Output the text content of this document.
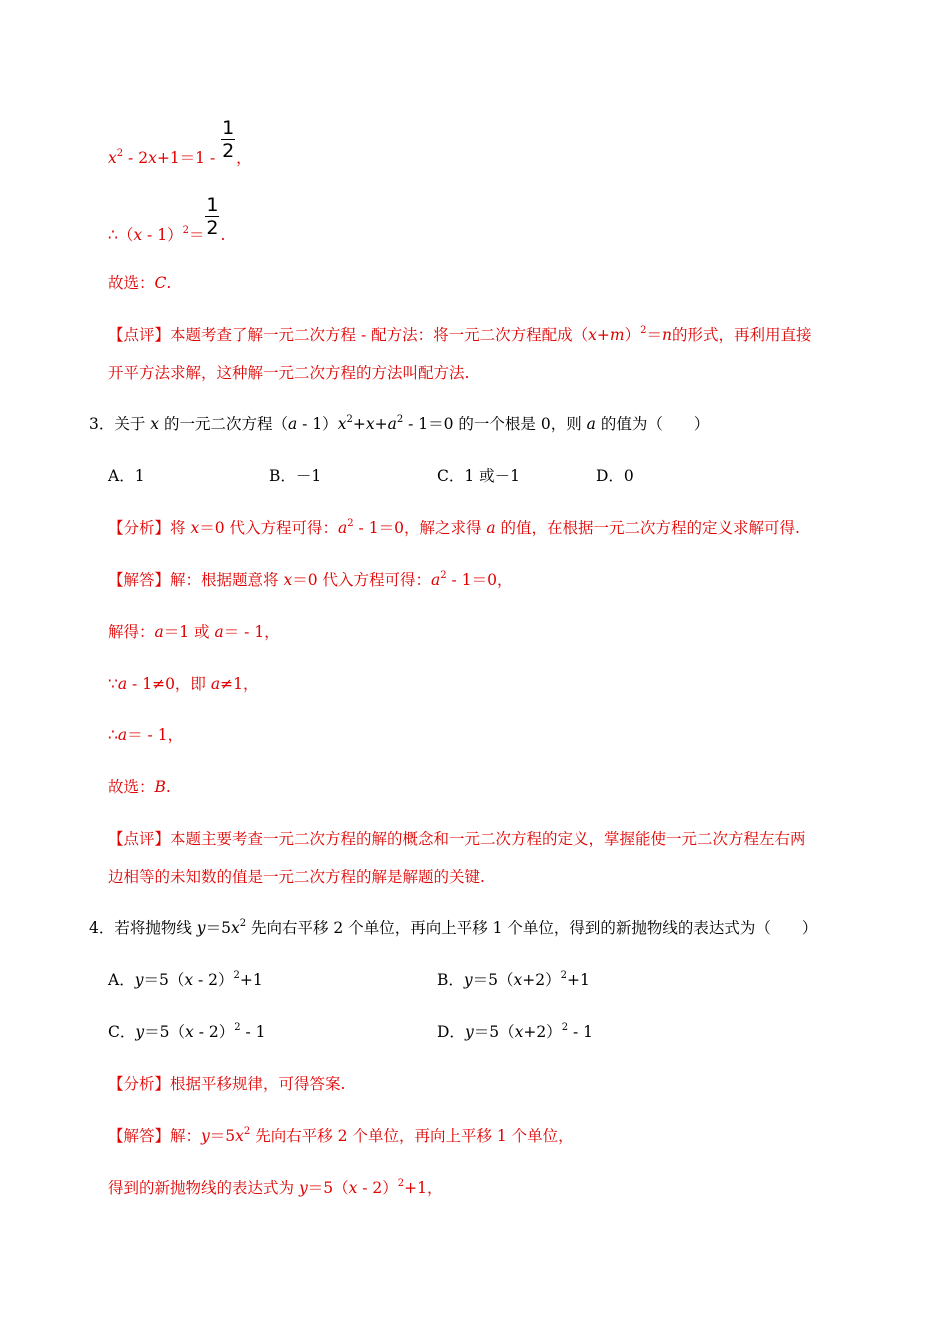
$x^2 - 2x+1=1 - \frac{1}{2}$ ，
∴（x - $1)^2= \frac{1}{2}$ .
故选：C.
【点评】本题考查了解一元二次方程 - 配方法：将一元二次方程配成$(x+m)^2=n$的形式，再利用直接
开平方法求解，这种解一元二次方程的方法叫配方法.
3．关于 x 的一元二次方程$(a - 1)x^2+x+a^2 - 1=0$ 的一个根是 0，则 a 的值为（　　）
A．1	B．－1	C．1 或－1	D．0
【分析】将 x＝0 代入方程可得：$a^2 - 1=0$，解之求得 a 的值，在根据一元二次方程的定义求解可得.
【解答】解：根据题意将 x＝0 代入方程可得：$a^2 - 1=0$，
解得：a＝1 或 a＝ - 1，
∵a - 1≠0，即 a≠1，
∴a＝ - 1，
故选：B.
【点评】本题主要考查一元二次方程的解的概念和一元二次方程的定义，掌握能使一元二次方程左右两
边相等的未知数的值是一元二次方程的解是解题的关键.
4．若将抛物线 $y=5x^2$ 先向右平移 2 个单位，再向上平移 1 个单位，得到的新抛物线的表达式为（　　）
A．y＝5（x - 2）$^2$+1	B．$y=5(x+2)^2+1$
C．y＝5（x - 2）$^2$ - 1	D．$y=5(x+2)^2 - 1$
【分析】根据平移规律，可得答案.
【解答】解：$y=5x^2$ 先向右平移 2 个单位，再向上平移 1 个单位，
得到的新抛物线的表达式为 y＝5（x - 2）$^2$+1，
